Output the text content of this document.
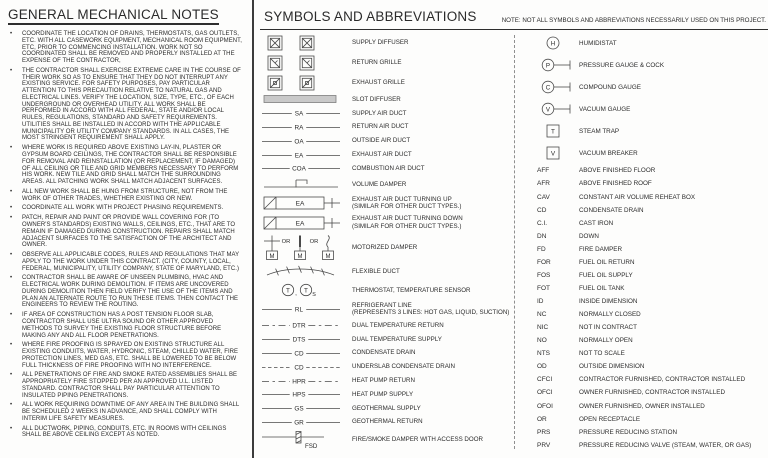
GENERAL MECHANICAL NOTES
•	COORDINATE THE LOCATION OF DRAINS, THERMOSTATS, GAS OUTLETS, ETC. WITH ALL CASEWORK EQUIPMENT, MECHANICAL ROOM EQUIPMENT, ETC, PRIOR TO COMMENCING INSTALLATION. WORK NOT SO COORDINATED SHALL BE REMOVED AND PROPERLY INSTALLED AT THE EXPENSE OF THE CONTRACTOR,
•	THE CONTRACTOR SHALL EXERCISE EXTREME CARE IN THE COURSE OF THEIR WORK SO AS TO ENSURE THAT THEY DO NOT INTERRUPT ANY EXISTING SERVICE. FOR SAFETY PURPOSES, PAY PARTICULAR ATTENTION TO THIS PRECAUTION RELATIVE TO NATURAL GAS AND ELECTRICAL LINES. VERIFY THE LOCATION, SIZE, TYPE, ETC., OF EACH UNDERGROUND OR OVERHEAD UTILITY. ALL WORK SHALL BE PERFORMED IN ACCORD WITH ALL FEDERAL, STATE AND/OR LOCAL RULES, REGULATIONS, STANDARD AND SAFETY REQUIREMENTS. UTILITIES SHALL BE INSTALLED IN ACCORD WITH THE APPLICABLE MUNICIPALITY OR UTILITY COMPANY STANDARDS. IN ALL CASES, THE MOST STRINGENT REQUIREMENT SHALL APPLY.
•	WHERE WORK IS REQUIRED ABOVE EXISTING LAY-IN, PLASTER OR GYPSUM BOARD CEILINGS, THE CONTRACTOR SHALL BE RESPONSIBLE FOR REMOVAL AND REINSTALLATION (OR REPLACEMENT, IF DAMAGED) OF ALL CEILING OR TILE AND GRID MEMBERS NECESSARY TO PERFORM HIS WORK. NEW TILE AND GRID SHALL MATCH THE SURROUNDING AREAS. ALL PATCHING WORK SHALL MATCH ADJACENT SURFACES.
•	ALL NEW WORK SHALL BE HUNG FROM STRUCTURE, NOT FROM THE WORK OF OTHER TRADES, WHETHER EXISTING OR NEW.
•	COORDINATE ALL WORK WITH PROJECT PHASING REQUIREMENTS.
•	PATCH, REPAIR AND PAINT OR PROVIDE WALL COVERING FOR (TO OWNER'S STANDARDS) EXISTING WALLS, CEILINGS, ETC., THAT ARE TO REMAIN IF DAMAGED DURING CONSTRUCTION. REPAIRS SHALL MATCH ADJACENT SURFACES TO THE SATISFACTION OF THE ARCHITECT AND OWNER.
•	OBSERVE ALL APPLICABLE CODES, RULES AND REGULATIONS THAT MAY APPLY TO THE WORK UNDER THIS CONTRACT. (CITY, COUNTY, LOCAL, FEDERAL, MUNICIPALITY, UTILITY COMPANY, STATE OF MARYLAND, ETC.)
•	CONTRACTOR SHALL BE AWARE OF UNSEEN PLUMBING, HVAC AND ELECTRICAL WORK DURING DEMOLITION. IF ITEMS ARE UNCOVERED DURING DEMOLITION THEN FIELD VERIFY THE USE OF THE ITEMS AND PLAN AN ALTERNATE ROUTE TO RUN THESE ITEMS. THEN CONTACT THE ENGINEERS TO REVIEW THE ROUTING.
•	IF AREA OF CONSTRUCTION HAS A POST TENSION FLOOR SLAB, CONTRACTOR SHALL USE ULTRA SOUND OR OTHER APPROVED METHODS TO SURVEY THE EXISTING FLOOR STRUCTURE BEFORE MAKING ANY AND ALL FLOOR PENETRATIONS.
•	WHERE FIRE PROOFING IS SPRAYED ON EXISTING STRUCTURE ALL EXISTING CONDUITS, WATER, HYDRONIC, STEAM, CHILLED WATER, FIRE PROTECTION LINES, MED GAS, ETC. SHALL BE LOWERED TO BE BELOW FULL THICKNESS OF FIRE PROOFING WITH NO INTERFERENCE.
•	ALL PENETRATIONS OF FIRE AND SMOKE RATED ASSEMBLIES SHALL BE APPROPRIATELY FIRE STOPPED PER AN APPROVED U.L. LISTED STANDARD. CONTRACTOR SHALL PAY PARTICULAR ATTENTION TO INSULATED PIPING PENETRATIONS.
•	ALL WORK REQUIRING DOWNTIME OF ANY AREA IN THE BUILDING SHALL BE SCHEDULED 2 WEEKS IN ADVANCE, AND SHALL COMPLY WITH INTERIM LIFE SAFETY MEASURES.
•	ALL DUCTWORK, PIPING, CONDUITS, ETC. IN ROOMS WITH CEILINGS SHALL BE ABOVE CEILING EXCEPT AS NOTED.
SYMBOLS AND ABBREVIATIONS	NOTE: NOT ALL SYMBOLS AND ABBREVIATIONS NECESSARILY USED ON THIS PROJECT.
SUPPLY DIFFUSER
RETURN GRILLE
EXHAUST GRILLE
SLOT DIFFUSER
SA	SUPPLY AIR DUCT
RA	RETURN AIR DUCT
OA	OUTSIDE AIR DUCT
EA	EXHAUST AIR DUCT
COA	COMBUSTION AIR DUCT
VOLUME DAMPER
EA
EXHAUST AIR DUCT TURNING UP
(SIMILAR FOR OTHER DUCT TYPES.)
EA
EXHAUST AIR DUCT TURNING DOWN
(SIMILAR FOR OTHER DUCT TYPES.)
OR	OR
M	M	M
MOTORIZED DAMPER
FLEXIBLE DUCT
T , T
S
THERMOSTAT, TEMPERATURE SENSOR
RL
REFRIGERANT LINE
(REPRESENTS 3 LINES: HOT GAS, LIQUID, SUCTION)
DTR	DUAL TEMPERATURE RETURN
DTS	DUAL TEMPERATURE SUPPLY
CD	CONDENSATE DRAIN
CD	UNDERSLAB CONDENSATE DRAIN
HPR	HEAT PUMP RETURN
HPS	HEAT PUMP SUPPLY
GS	GEOTHERMAL SUPPLY
GR	GEOTHERMAL RETURN
FSD
FIRE/SMOKE DAMPER WITH ACCESS DOOR
H	HUMIDISTAT
P	PRESSURE GAUGE & COCK
C	COMPOUND GAUGE
V	VACUUM GAUGE
T	STEAM TRAP
V	VACUUM BREAKER
AFF	ABOVE FINISHED FLOOR
AFR	ABOVE FINISHED ROOF
CAV	CONSTANT AIR VOLUME REHEAT BOX
CD	CONDENSATE DRAIN
C.I.	CAST IRON
DN	DOWN
FD	FIRE DAMPER
FOR	FUEL OIL RETURN
FOS	FUEL OIL SUPPLY
FOT	FUEL OIL TANK
ID	INSIDE DIMENSION
NC	NORMALLY CLOSED
NIC	NOT IN CONTRACT
NO	NORMALLY OPEN
NTS	NOT TO SCALE
OD	OUTSIDE DIMENSION
CFCI	CONTRACTOR FURNISHED, CONTRACTOR INSTALLED
OFCI	OWNER FURNISHED, CONTRACTOR INSTALLED
OFOI	OWNER FURNISHED, OWNER INSTALLED
OR	OPEN RECEPTACLE
PRS	PRESSURE REDUCING STATION
PRV	PRESSURE REDUCING VALVE (STEAM, WATER, OR GAS)
